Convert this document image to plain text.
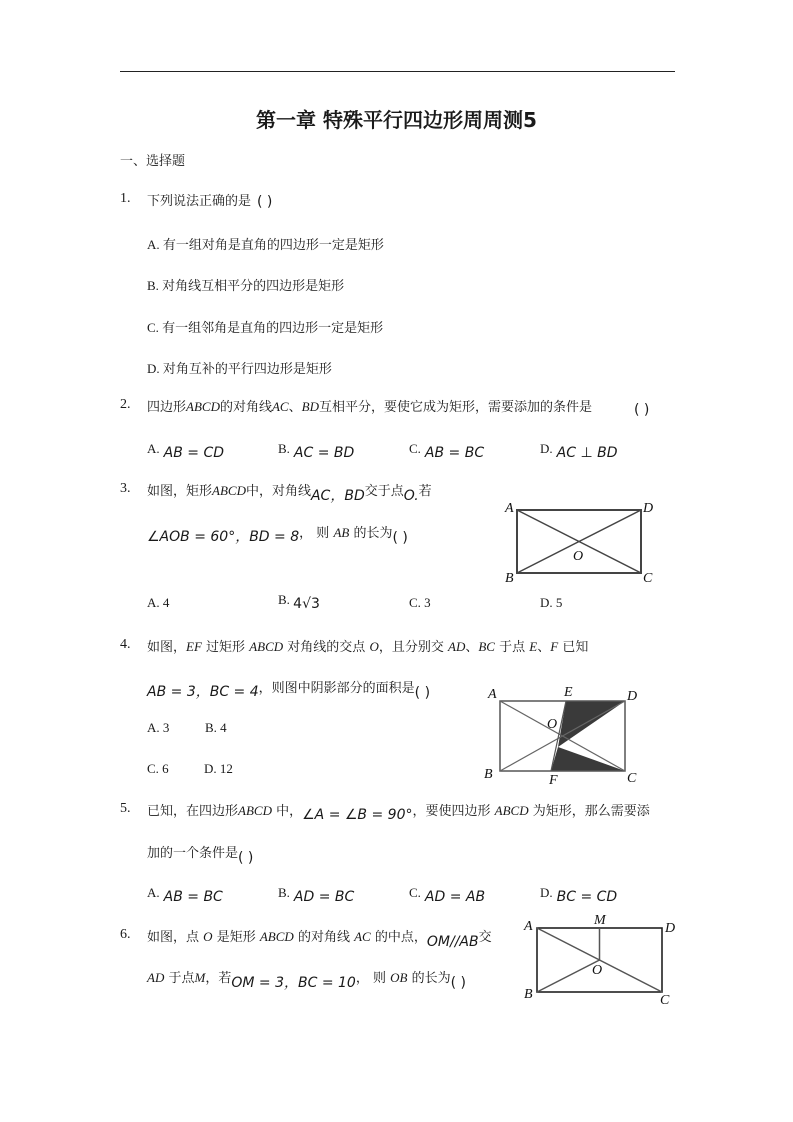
第一章 特殊平行四边形周周测5
一、选择题
1. 下列说法正确的是 ( )
A. 有一组对角是直角的四边形一定是矩形
B. 对角线互相平分的四边形是矩形
C. 有一组邻角是直角的四边形一定是矩形
D. 对角互补的平行四边形是矩形
2. 四边形ABCD的对角线AC、BD互相平分，要使它成为矩形，需要添加的条件是	( )
A. AB = CD	B. AC = BD	C. AB = BC	D. AC ⊥ BD
3. 如图，矩形ABCD中，对角线AC，BD交于点O.若
∠AOB = 60°，BD = 8， 则 AB 的长为( )
A	D
B	C
O
A. 4	B. 4√3	C. 3	D. 5
4. 如图，EF 过矩形 ABCD 对角线的交点 O，且分别交 AD、BC 于点 E、F 已知
AB = 3，BC = 4，则图中阴影部分的面积是( )	A	E	D
O
B	F	C
A. 3	B. 4
C. 6	D. 12
5. 已知，在四边形ABCD 中，∠A = ∠B = 90°，要使四边形 ABCD 为矩形，那么需要添
加的一个条件是( )
A. AB = BC	B. AD = BC	C. AD = AB	D. BC = CD
6. 如图，点 O 是矩形 ABCD 的对角线 AC 的中点，OM//AB交
AD 于点M，若OM = 3，BC = 10， 则 OB 的长为( )
A	M
D
O
B	C
